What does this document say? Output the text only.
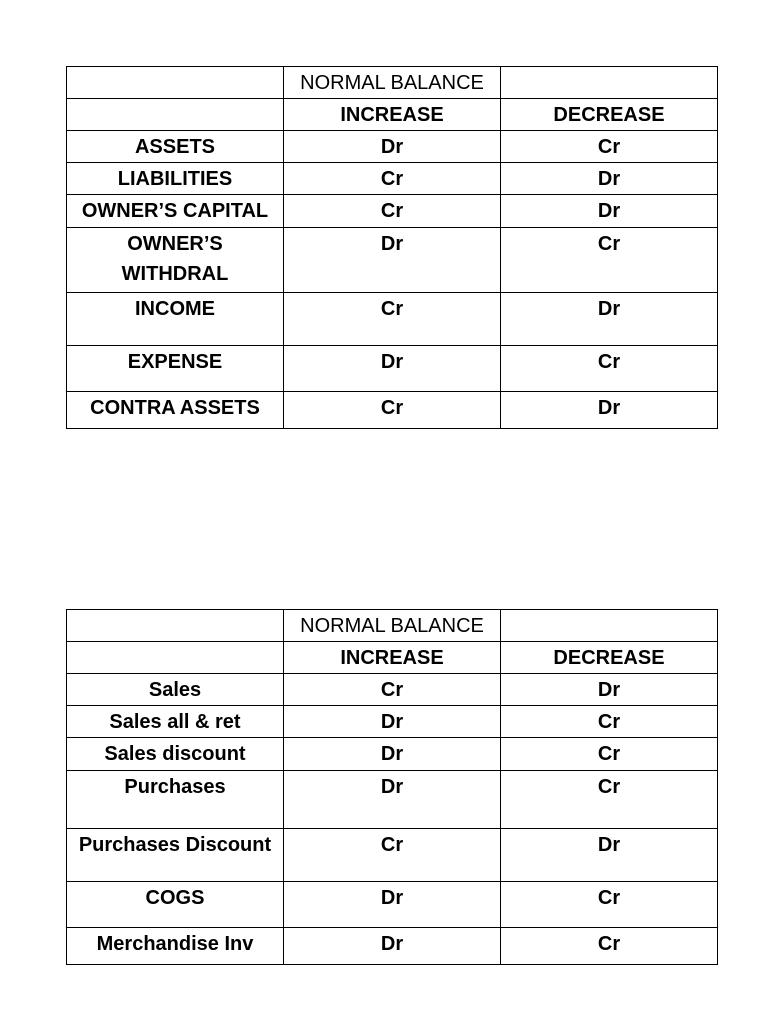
	NORMAL BALANCE	
	INCREASE	DECREASE
ASSETS	Dr	Cr
LIABILITIES	Cr	Dr
OWNER’S CAPITAL	Cr	Dr
OWNER’S WITHDRAL	Dr	Cr
INCOME	Cr	Dr
EXPENSE	Dr	Cr
CONTRA ASSETS	Cr	Dr
	NORMAL BALANCE	
	INCREASE	DECREASE
Sales	Cr	Dr
Sales all & ret	Dr	Cr
Sales discount	Dr	Cr
Purchases	Dr	Cr
Purchases Discount	Cr	Dr
COGS	Dr	Cr
Merchandise Inv	Dr	Cr
